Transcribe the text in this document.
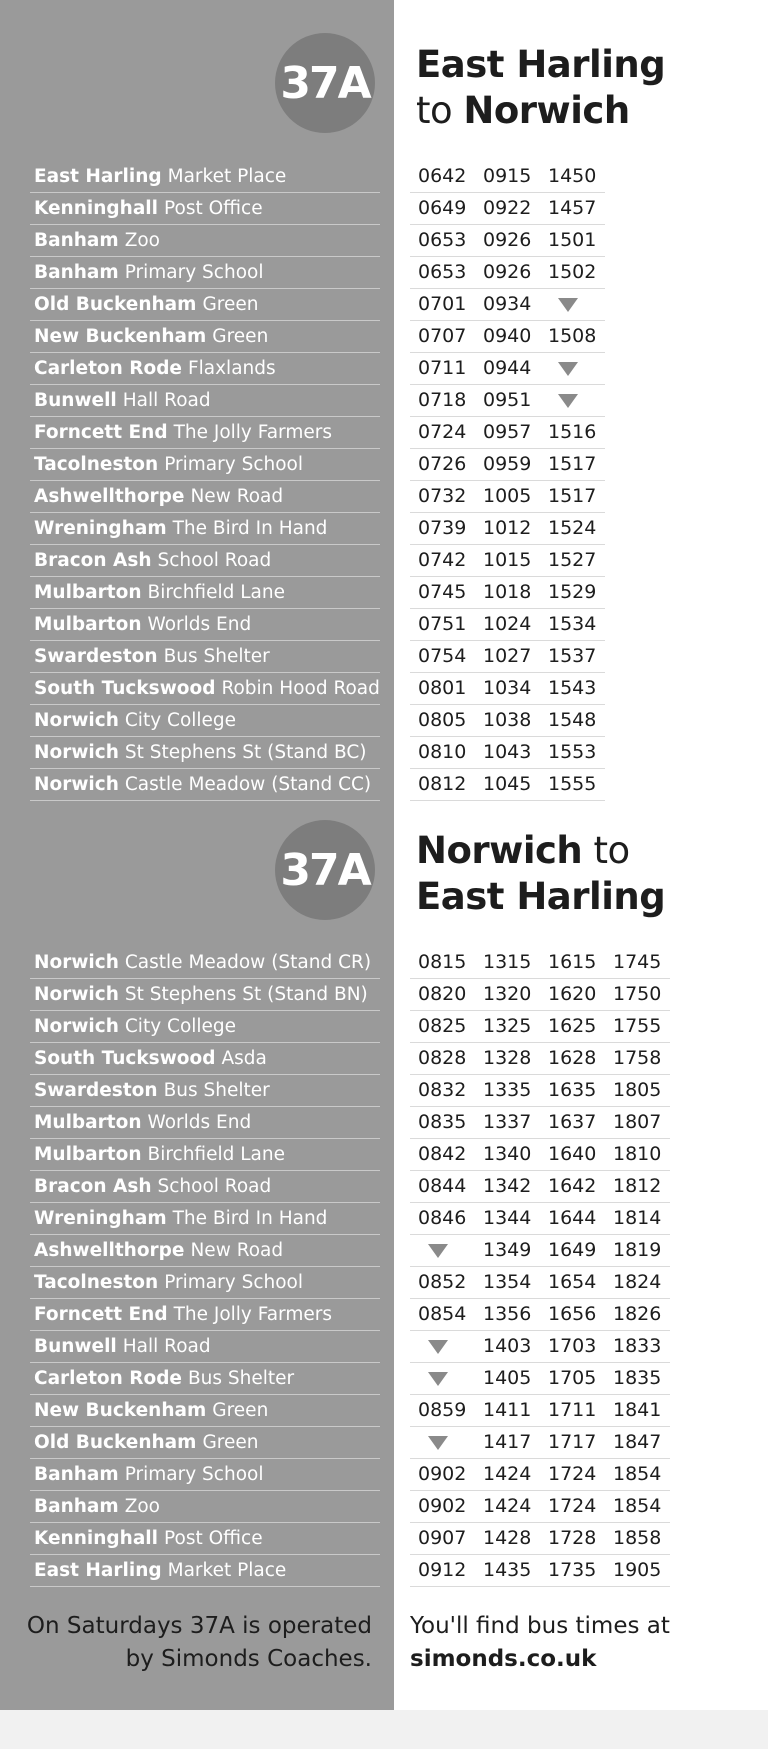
37A East Harling
to Norwich
East Harling Market Place
Kenninghall Post Office
Banham Zoo
Banham Primary School
Old Buckenham Green
New Buckenham Green
Carleton Rode Flaxlands
Bunwell Hall Road
Forncett End The Jolly Farmers
Tacolneston Primary School
Ashwellthorpe New Road
Wreningham The Bird In Hand
Bracon Ash School Road
Mulbarton Birchfield Lane
Mulbarton Worlds End
Swardeston Bus Shelter
South Tuckswood Robin Hood Road
Norwich City College
Norwich St Stephens St (Stand BC)
Norwich Castle Meadow (Stand CC)
0642 0915 1450
0649 0922 1457
0653 0926 1501
0653 0926 1502
0701 0934
0707 0940 1508
0711 0944
0718 0951
0724 0957 1516
0726 0959 1517
0732 1005 1517
0739 1012 1524
0742 1015 1527
0745 1018 1529
0751 1024 1534
0754 1027 1537
0801 1034 1543
0805 1038 1548
0810 1043 1553
0812 1045 1555
37A Norwich to
East Harling
Norwich Castle Meadow (Stand CR)
Norwich St Stephens St (Stand BN)
Norwich City College
South Tuckswood Asda
Swardeston Bus Shelter
Mulbarton Worlds End
Mulbarton Birchfield Lane
Bracon Ash School Road
Wreningham The Bird In Hand
Ashwellthorpe New Road
Tacolneston Primary School
Forncett End The Jolly Farmers
Bunwell Hall Road
Carleton Rode Bus Shelter
New Buckenham Green
Old Buckenham Green
Banham Primary School
Banham Zoo
Kenninghall Post Office
East Harling Market Place
0815 1315 1615 1745
0820 1320 1620 1750
0825 1325 1625 1755
0828 1328 1628 1758
0832 1335 1635 1805
0835 1337 1637 1807
0842 1340 1640 1810
0844 1342 1642 1812
0846 1344 1644 1814
1349 1649 1819
0852 1354 1654 1824
0854 1356 1656 1826
1403 1703 1833
1405 1705 1835
0859 1411 1711 1841
1417 1717 1847
0902 1424 1724 1854
0902 1424 1724 1854
0907 1428 1728 1858
0912 1435 1735 1905

On Saturdays 37A is operated
by Simonds Coaches.

You'll find bus times at
simonds.co.uk
